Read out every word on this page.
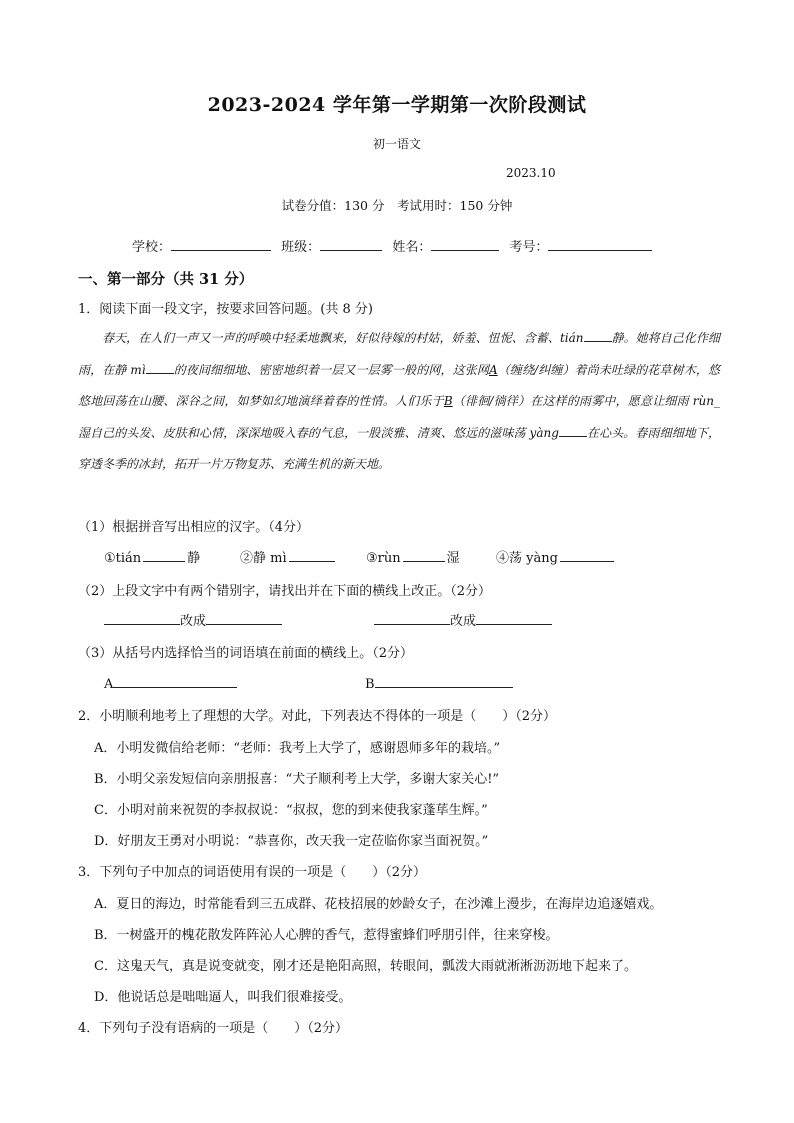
2023-2024 学年第一学期第一次阶段测试
初一语文
2023.10
试卷分值：130 分　考试用时：150 分钟
学校：	班级：	姓名：	考号：
一、第一部分（共 31 分）
1．阅读下面一段文字，按要求回答问题。(共 8 分)
春天，在人们一声又一声的呼唤中轻柔地飘来，好似待嫁的村姑，娇羞、忸怩、含蓄、tián 静。她将自己化作细雨，在静 mì 的夜间细细地、密密地织着一层又一层雾一般的网，这张网A（缠绕/纠缠）着尚未吐绿的花草树木，悠悠地回荡在山腰、深谷之间，如梦如幻地演绎着春的性情。人们乐于B（徘徊/徜徉）在这样的雨雾中，愿意让细雨 rùn_湿自己的头发、皮肤和心情，深深地吸入春的气息，一股淡雅、清爽、悠远的滋味荡 yàng 在心头。春雨细细地下，穿透冬季的冰封，拓开一片万物复苏、充满生机的新天地。
（1）根据拼音写出相应的汉字。（4分）
①tián	静	②静 mì	③rùn	湿	④荡 yàng
（2）上段文字中有两个错别字，请找出并在下面的横线上改正。（2分）
改成	改成
（3）从括号内选择恰当的词语填在前面的横线上。（2分）
A	B
2．小明顺利地考上了理想的大学。对此，下列表达不得体的一项是（　　）（2分）
A．小明发微信给老师：“老师：我考上大学了，感谢恩师多年的栽培。”
B．小明父亲发短信向亲朋报喜：“犬子顺利考上大学，多谢大家关心!”
C．小明对前来祝贺的李叔叔说：“叔叔，您的到来使我家蓬荜生辉。”
D．好朋友王勇对小明说：“恭喜你，改天我一定莅临你家当面祝贺。”
3．下列句子中加点的词语使用有误的一项是（　　）（2分）
A．夏日的海边，时常能看到三五成群、花枝招展的妙龄女子，在沙滩上漫步，在海岸边追逐嬉戏。
B．一树盛开的槐花散发阵阵沁人心脾的香气，惹得蜜蜂们呼朋引伴，往来穿梭。
C．这鬼天气，真是说变就变，刚才还是艳阳高照，转眼间，瓢泼大雨就淅淅沥沥地下起来了。
D．他说话总是咄咄逼人，叫我们很难接受。
4．下列句子没有语病的一项是（　　）（2分）
